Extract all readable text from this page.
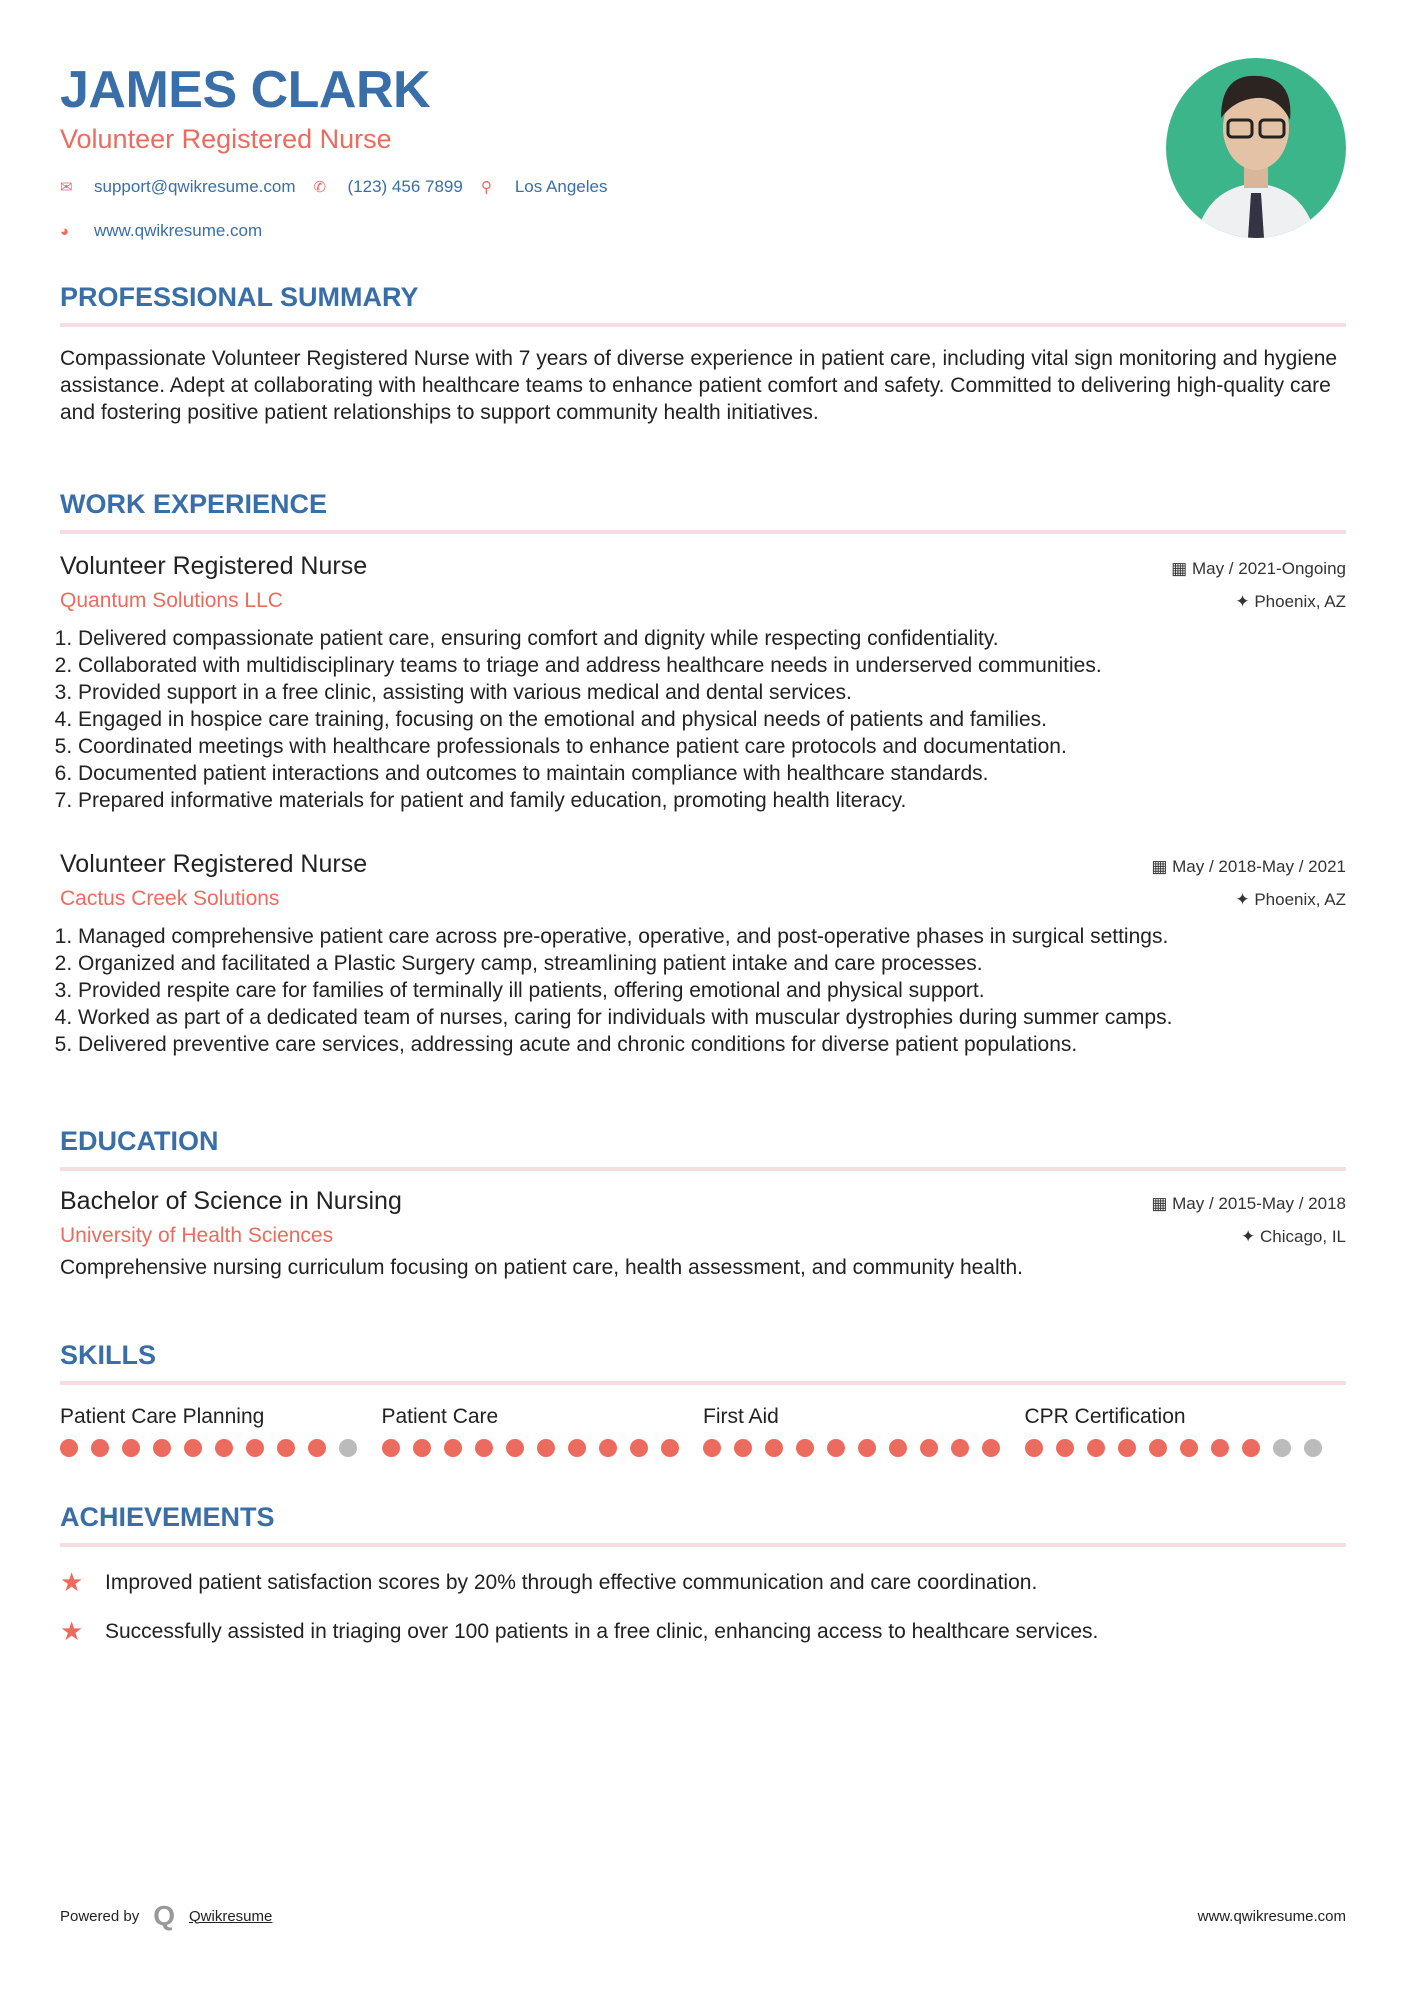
JAMES CLARK
Volunteer Registered Nurse
✉	support@qwikresume.com ✆	(123) 456 7899 ⚲	Los Angeles
◕	www.qwikresume.com
PROFESSIONAL SUMMARY
Compassionate Volunteer Registered Nurse with 7 years of diverse experience in patient care, including vital sign monitoring and hygiene assistance. Adept at collaborating with healthcare teams to enhance patient comfort and safety. Committed to delivering high-quality care and fostering positive patient relationships to support community health initiatives.
WORK EXPERIENCE
Volunteer Registered Nurse	▦ May / 2021-Ongoing
Quantum Solutions LLC	✦ Phoenix, AZ
1. Delivered compassionate patient care, ensuring comfort and dignity while respecting confidentiality.
2. Collaborated with multidisciplinary teams to triage and address healthcare needs in underserved communities.
3. Provided support in a free clinic, assisting with various medical and dental services.
4. Engaged in hospice care training, focusing on the emotional and physical needs of patients and families.
5. Coordinated meetings with healthcare professionals to enhance patient care protocols and documentation.
6. Documented patient interactions and outcomes to maintain compliance with healthcare standards.
7. Prepared informative materials for patient and family education, promoting health literacy.
Volunteer Registered Nurse	▦ May / 2018-May / 2021
Cactus Creek Solutions	✦ Phoenix, AZ
1. Managed comprehensive patient care across pre-operative, operative, and post-operative phases in surgical settings.
2. Organized and facilitated a Plastic Surgery camp, streamlining patient intake and care processes.
3. Provided respite care for families of terminally ill patients, offering emotional and physical support.
4. Worked as part of a dedicated team of nurses, caring for individuals with muscular dystrophies during summer camps.
5. Delivered preventive care services, addressing acute and chronic conditions for diverse patient populations.
EDUCATION
Bachelor of Science in Nursing	▦ May / 2015-May / 2018
University of Health Sciences	✦ Chicago, IL
Comprehensive nursing curriculum focusing on patient care, health assessment, and community health.
SKILLS
Patient Care Planning	Patient Care	First Aid	CPR Certification
ACHIEVEMENTS
★	Improved patient satisfaction scores by 20% through effective communication and care coordination.
★	Successfully assisted in triaging over 100 patients in a free clinic, enhancing access to healthcare services.
Powered by Q Qwikresume	www.qwikresume.com
